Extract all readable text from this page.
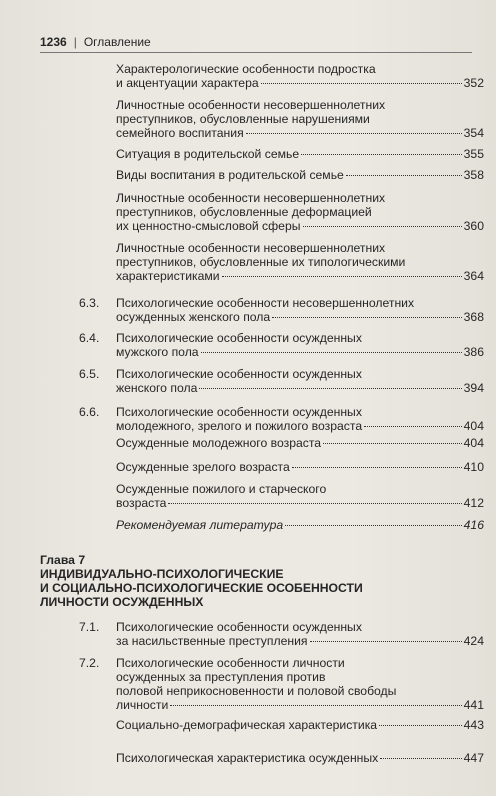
1236 | Оглавление
Характерологические особенности подростка
и акцентуации характера	352
Личностные особенности несовершеннолетних
преступников, обусловленные нарушениями
семейного воспитания	354
Ситуация в родительской семье	355
Виды воспитания в родительской семье	358
Личностные особенности несовершеннолетних
преступников, обусловленные деформацией
их ценностно-смысловой сферы	360
Личностные особенности несовершеннолетних
преступников, обусловленные их типологическими
характеристиками	364
6.3. Психологические особенности несовершеннолетних
осужденных женского пола	368
6.4. Психологические особенности осужденных
мужского пола	386
6.5. Психологические особенности осужденных
женского пола	394
6.6. Психологические особенности осужденных
молодежного, зрелого и пожилого возраста	404
Осужденные молодежного возраста	404
Осужденные зрелого возраста	410
Осужденные пожилого и старческого
возраста	412
Рекомендуемая литература	416
Глава 7
ИНДИВИДУАЛЬНО-ПСИХОЛОГИЧЕСКИЕ
И СОЦИАЛЬНО-ПСИХОЛОГИЧЕСКИЕ ОСОБЕННОСТИ
ЛИЧНОСТИ ОСУЖДЕННЫХ
7.1. Психологические особенности осужденных
за насильственные преступления	424
7.2. Психологические особенности личности
осужденных за преступления против
половой неприкосновенности и половой свободы
личности	441
Социально-демографическая характеристика	443
Психологическая характеристика осужденных	447
